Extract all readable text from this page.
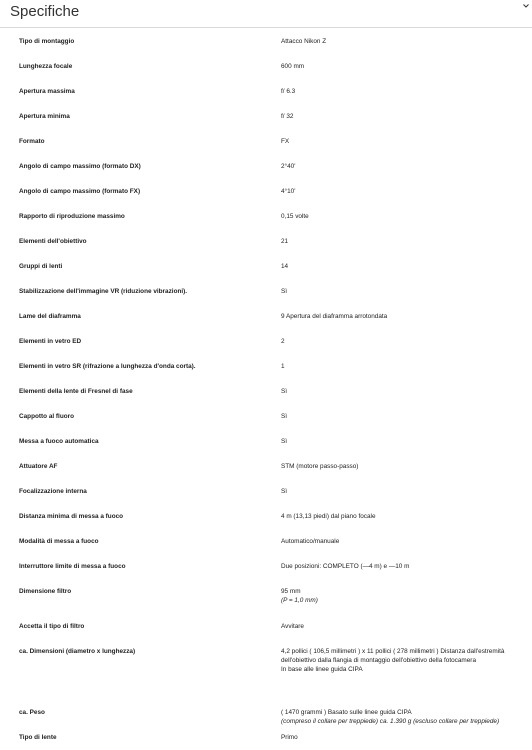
Specifiche
Tipo di montaggio	Attacco Nikon Z
Lunghezza focale	600 mm
Apertura massima	f/ 6.3
Apertura minima	f/ 32
Formato	FX
Angolo di campo massimo (formato DX)	2°40'
Angolo di campo massimo (formato FX)	4°10'
Rapporto di riproduzione massimo	0,15 volte
Elementi dell'obiettivo	21
Gruppi di lenti	14
Stabilizzazione dell'immagine VR (riduzione vibrazioni).	Sì
Lame del diaframma	9 Apertura del diaframma arrotondata
Elementi in vetro ED	2
Elementi in vetro SR (rifrazione a lunghezza d'onda corta).	1
Elementi della lente di Fresnel di fase	Sì
Cappotto al fluoro	Sì
Messa a fuoco automatica	Sì
Attuatore AF	STM (motore passo-passo)
Focalizzazione interna	Sì
Distanza minima di messa a fuoco	4 m (13,13 piedi) dal piano focale
Modalità di messa a fuoco	Automatico/manuale
Interruttore limite di messa a fuoco	Due posizioni: COMPLETO (—4 m) e —10 m
Dimensione filtro	95 mm
(P = 1,0 mm)
Accetta il tipo di filtro	Avvitare
ca. Dimensioni (diametro x lunghezza)	4,2 pollici ( 106,5 millimetri ) x 11 pollici ( 278 millimetri ) Distanza dall'estremità
dell'obiettivo dalla flangia di montaggio dell'obiettivo della fotocamera
In base alle linee guida CIPA
ca. Peso	( 1470 grammi ) Basato sulle linee guida CIPA
(compreso il collare per treppiede) ca. 1.390 g (escluso collare per treppiede)
Tipo di lente	Primo
